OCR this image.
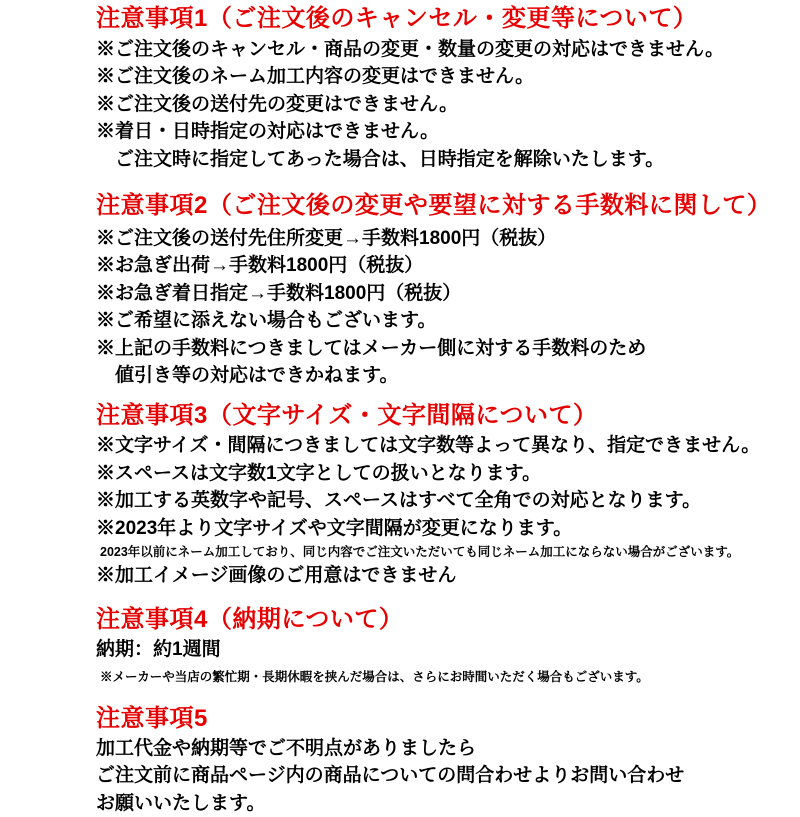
注意事項1（ご注文後のキャンセル・変更等について）
※ご注文後のキャンセル・商品の変更・数量の変更の対応はできません。
※ご注文後のネーム加工内容の変更はできません。
※ご注文後の送付先の変更はできません。
※着日・日時指定の対応はできません。
ご注文時に指定してあった場合は、日時指定を解除いたします。
注意事項2（ご注文後の変更や要望に対する手数料に関して）
※ご注文後の送付先住所変更→手数料1800円（税抜）
※お急ぎ出荷→手数料1800円（税抜）
※お急ぎ着日指定→手数料1800円（税抜）
※ご希望に添えない場合もございます。
※上記の手数料につきましてはメーカー側に対する手数料のため
値引き等の対応はできかねます。
注意事項3（文字サイズ・文字間隔について）
※文字サイズ・間隔につきましては文字数等よって異なり、指定できません。
※スペースは文字数1文字としての扱いとなります。
※加工する英数字や記号、スペースはすべて全角での対応となります。
※2023年より文字サイズや文字間隔が変更になります。
2023年以前にネーム加工しており、同じ内容でご注文いただいても同じネーム加工にならない場合がございます。
※加工イメージ画像のご用意はできません
注意事項4（納期について）
納期：約1週間
※メーカーや当店の繁忙期・長期休暇を挟んだ場合は、さらにお時間いただく場合もございます。
注意事項5
加工代金や納期等でご不明点がありましたら
ご注文前に商品ページ内の商品についての問合わせよりお問い合わせ
お願いいたします。
